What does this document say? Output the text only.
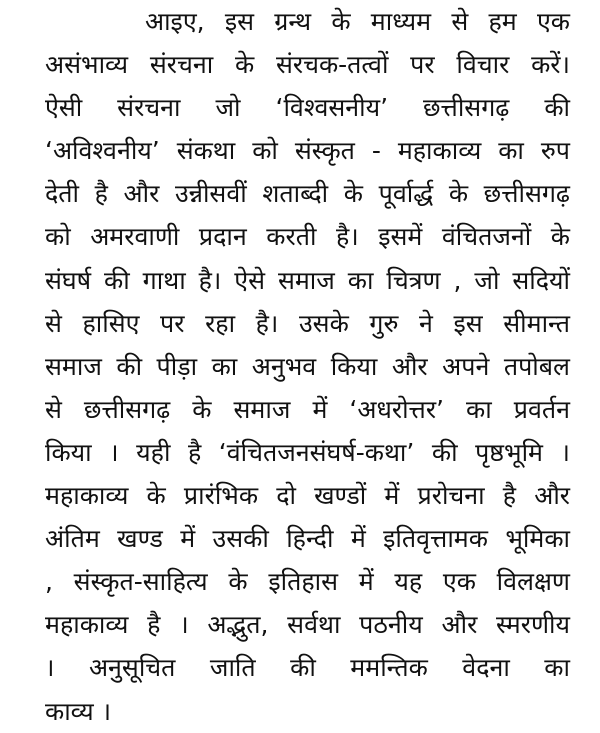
आइए, इस ग्रन्थ के माध्यम से हम एक
असंभाव्य संरचना के संरचक-तत्वों पर विचार करें।
ऐसी संरचना जो ‘विश्वसनीय’ छत्तीसगढ़ की
‘अविश्वनीय’ संकथा को संस्कृत - महाकाव्य का रुप
देती है और उन्नीसवीं शताब्दी के पूर्वार्द्ध के छत्तीसगढ़
को अमरवाणी प्रदान करती है। इसमें वंचितजनों के
संघर्ष की गाथा है। ऐसे समाज का चित्रण , जो सदियों
से हासिए पर रहा है। उसके गुरु ने इस सीमान्त
समाज की पीड़ा का अनुभव किया और अपने तपोबल
से छत्तीसगढ़ के समाज में ‘अधरोत्तर’ का प्रवर्तन
किया । यही है ‘वंचितजनसंघर्ष-कथा’ की पृष्ठभूमि ।
महाकाव्य के प्रारंभिक दो खण्डों में प्ररोचना है और
अंतिम खण्ड में उसकी हिन्दी में इतिवृत्तामक भूमिका
, संस्कृत-साहित्य के इतिहास में यह एक विलक्षण
महाकाव्य है । अद्भुत, सर्वथा पठनीय और स्मरणीय
। अनुसूचित जाति की ममन्तिक वेदना का
काव्य ।
